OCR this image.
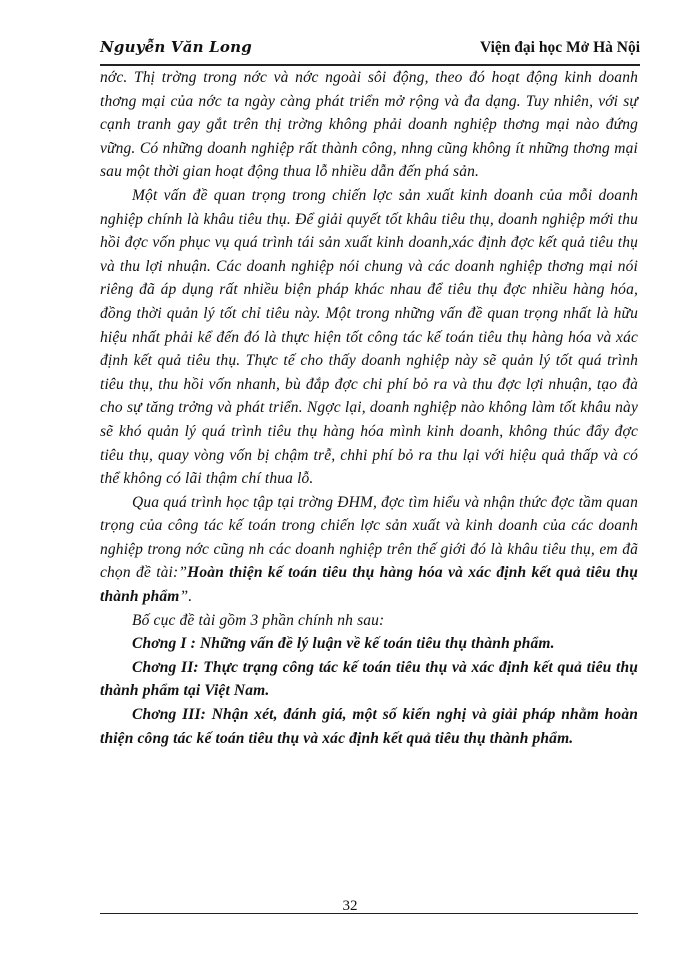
Nguyễn Văn Long	Viện đại học Mở Hà Nội

nớc. Thị trờng trong nớc và nớc ngoài sôi động, theo đó hoạt động kinh doanh thơng mại của nớc ta ngày càng phát triển mở rộng và đa dạng. Tuy nhiên, với sự cạnh tranh gay gắt trên thị trờng không phải doanh nghiệp thơng mại nào đứng vững. Có những doanh nghiệp rất thành công, nhng cũng không ít những thơng mại sau một thời gian hoạt động thua lỗ nhiều dẫn đến phá sản.

Một vấn đề quan trọng trong chiến lợc sản xuất kinh doanh của mỗi doanh nghiệp chính là khâu tiêu thụ. Để giải quyết tốt khâu tiêu thụ, doanh nghiệp mới thu hồi đợc vốn phục vụ quá trình tái sản xuất kinh doanh,xác định đợc kết quả tiêu thụ và thu lợi nhuận. Các doanh nghiệp nói chung và các doanh nghiệp thơng mại nói riêng đã áp dụng rất nhiều biện pháp khác nhau để tiêu thụ đợc nhiều hàng hóa, đồng thời quản lý tốt chỉ tiêu này. Một trong những vấn đề quan trọng nhất là hữu hiệu nhất phải kể đến đó là thực hiện tốt công tác kế toán tiêu thụ hàng hóa và xác định kết quả tiêu thụ. Thực tế cho thấy doanh nghiệp này sẽ quản lý tốt quá trình tiêu thụ, thu hồi vốn nhanh, bù đắp đợc chi phí bỏ ra và thu đợc lợi nhuận, tạo đà cho sự tăng trởng và phát triển. Ngợc lại, doanh nghiệp nào không làm tốt khâu này sẽ khó quản lý quá trình tiêu thụ hàng hóa mình kinh doanh, không thúc đẩy đợc tiêu thụ, quay vòng vốn bị chậm trễ, chhi phí bỏ ra thu lại với hiệu quả thấp và có thể không có lãi thậm chí thua lỗ.

Qua quá trình học tập tại trờng ĐHM, đợc tìm hiểu và nhận thức đợc tầm quan trọng của công tác kế toán trong chiến lợc sản xuất và kinh doanh của các doanh nghiệp trong nớc cũng nh các doanh nghiệp trên thế giới đó là khâu tiêu thụ, em đã chọn đề tài:”Hoàn thiện kế toán tiêu thụ hàng hóa và xác định kết quả tiêu thụ thành phẩm”.

Bố cục đề tài gồm 3 phần chính nh sau:

Chơng I : Những vấn đề lý luận về kế toán tiêu thụ thành phẩm.

Chơng II: Thực trạng công tác kế toán tiêu thụ và xác định kết quả tiêu thụ thành phẩm tại Việt Nam.

Chơng III: Nhận xét, đánh giá, một số kiến nghị và giải pháp nhằm hoàn thiện công tác kế toán tiêu thụ và xác định kết quả tiêu thụ thành phẩm.

32
